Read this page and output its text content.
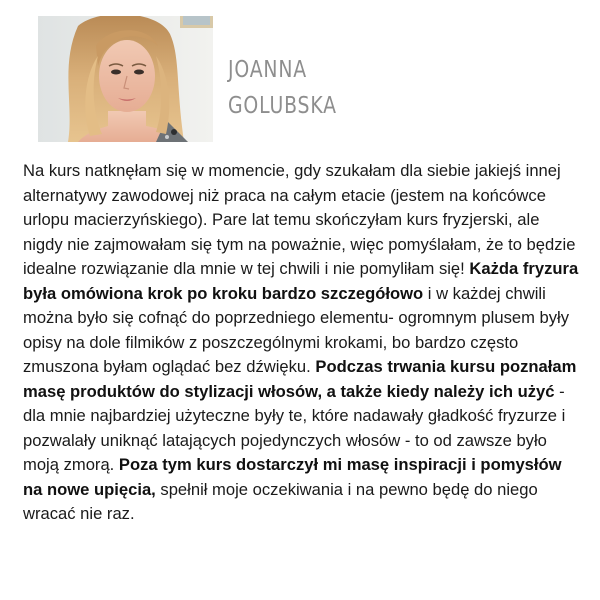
JOANNA
GOLUBSKA

Na kurs natknęłam się w momencie, gdy szukałam dla siebie jakiejś innej alternatywy zawodowej niż praca na całym etacie (jestem na końcówce urlopu macierzyńskiego). Pare lat temu skończyłam kurs fryzjerski, ale nigdy nie zajmowałam się tym na poważnie, więc pomyślałam, że to będzie idealne rozwiązanie dla mnie w tej chwili i nie pomyliłam się! Każda fryzura była omówiona krok po kroku bardzo szczegółowo i w każdej chwili można było się cofnąć do poprzedniego elementu- ogromnym plusem były opisy na dole filmików z poszczególnymi krokami, bo bardzo często zmuszona byłam oglądać bez dźwięku. Podczas trwania kursu poznałam masę produktów do stylizacji włosów, a także kiedy należy ich użyć - dla mnie najbardziej użyteczne były te, które nadawały gładkość fryzurze i pozwalały uniknąć latających pojedynczych włosów - to od zawsze było moją zmorą. Poza tym kurs dostarczył mi masę inspiracji i pomysłów na nowe upięcia, spełnił moje oczekiwania i na pewno będę do niego wracać nie raz.
